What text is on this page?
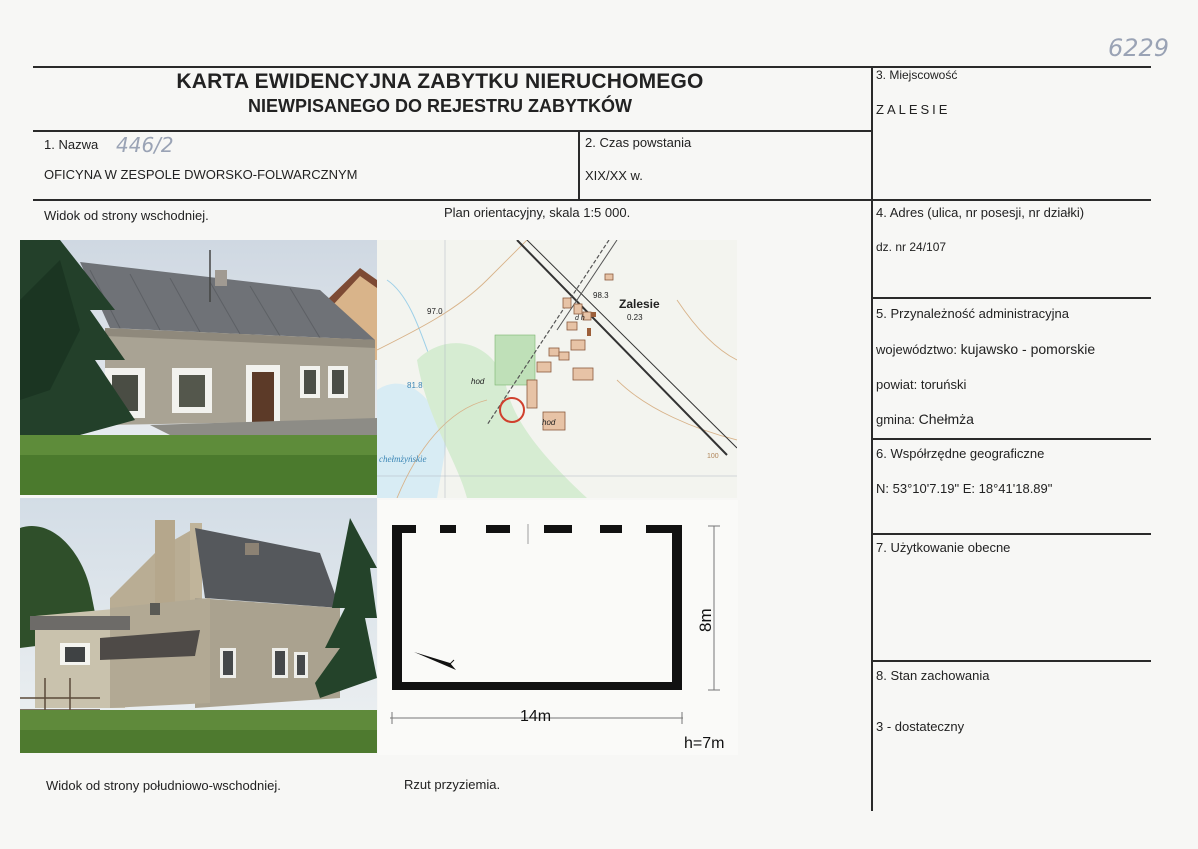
6229
KARTA EWIDENCYJNA ZABYTKU NIERUCHOMEGO
NIEWPISANEGO DO REJESTRU ZABYTKÓW
1. Nazwa 446/2
OFICYNA W ZESPOLE DWORSKO-FOLWARCZNYM
2. Czas powstania
XIX/XX w.
3. Miejscowość
ZALESIE
4. Adres (ulica, nr posesji, nr działki)
dz. nr 24/107
5. Przynależność administracyjna
województwo: kujawsko - pomorskie
powiat: toruński
gmina: Chełmża
6. Współrzędne geograficzne
N: 53°10'7.19" E: 18°41'18.89"
7. Użytkowanie obecne
8. Stan zachowania
3 - dostateczny
Widok od strony wschodniej.	Plan orientacyjny, skala 1:5 000.
Widok od strony południowo-wschodniej.	Rzut przyziemia.
Zalesie
0.23
98.3
97.0
81.8	hod
hod
d h
chełmżyńskie	100
14m
8m
h=7m
